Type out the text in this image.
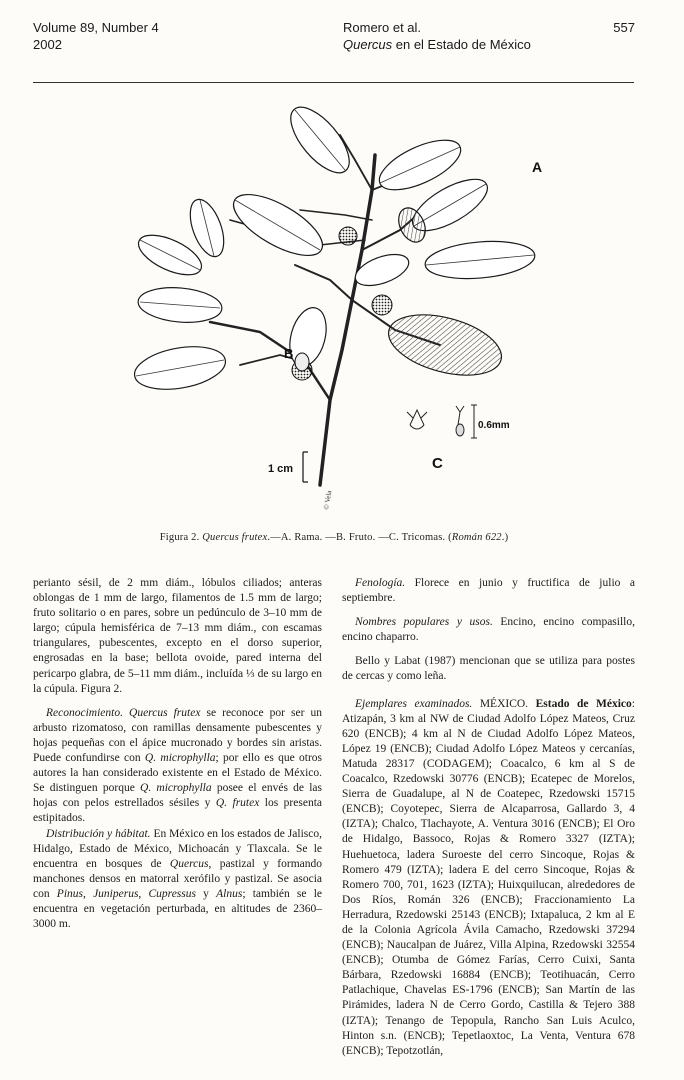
Volume 89, Number 4
2002
Romero et al.
Quercus en el Estado de México
557
A
B
C
1 cm
0.6mm
© Vela
Figura 2. Quercus frutex.—A. Rama. —B. Fruto. —C. Tricomas. (Román 622.)

periantо sésil, de 2 mm diám., lóbulos ciliados; anteras oblongas de 1 mm de largo, filamentos de 1.5 mm de largo; fruto solitario o en pares, sobre un pedúnculo de 3–10 mm de largo; cúpula hemisférica de 7–13 mm diám., con escamas triangulares, pubescentes, excepto en el dorso superior, engrosadas en la base; bellota ovoide, pared interna del pericarpo glabra, de 5–11 mm diám., incluída ⅓ de su largo en la cúpula. Figura 2.

Reconocimiento. Quercus frutex se reconoce por ser un arbusto rizomatoso, con ramillas densamente pubescentes y hojas pequeñas con el ápice mucronado y bordes sin aristas. Puede confundirse con Q. microphylla; por ello es que otros autores la han considerado existente en el Estado de México. Se distinguen porque Q. microphylla posee el envés de las hojas con pelos estrellados sésiles y Q. frutex los presenta estipitados.

Distribución y hábitat. En México en los estados de Jalisco, Hidalgo, Estado de México, Michoacán y Tlaxcala. Se le encuentra en bosques de Quercus, pastizal y formando manchones densos en matorral xerófilo y pastizal. Se asocia con Pinus, Juniperus, Cupressus y Alnus; también se le encuentra en vegetación perturbada, en altitudes de 2360–3000 m.

Fenología. Florece en junio y fructifica de julio a septiembre.

Nombres populares y usos. Encino, encino compasillo, encino chaparro.

Bello y Labat (1987) mencionan que se utiliza para postes de cercas y como leña.

Ejemplares examinados. MÉXICO. Estado de México: Atizapán, 3 km al NW de Ciudad Adolfo López Mateos, Cruz 620 (ENCB); 4 km al N de Ciudad Adolfo López Mateos, López 19 (ENCB); Ciudad Adolfo López Mateos y cercanías, Matuda 28317 (CODAGEM); Coacalco, 6 km al S de Coacalco, Rzedowski 30776 (ENCB); Ecatepec de Morelos, Sierra de Guadalupe, al N de Coatepec, Rzedowski 15715 (ENCB); Coyotepec, Sierra de Alcaparrosa, Gallardo 3, 4 (IZTA); Chalco, Tlachayote, A. Ventura 3016 (ENCB); El Oro de Hidalgo, Bassoco, Rojas & Romero 3327 (IZTA); Huehuetoca, ladera Suroeste del cerro Sincoque, Rojas & Romero 479 (IZTA); ladera E del cerro Sincoque, Rojas & Romero 700, 701, 1623 (IZTA); Huixquilucan, alrededores de Dos Ríos, Román 326 (ENCB); Fraccionamiento La Herradura, Rzedowski 25143 (ENCB); Ixtapaluca, 2 km al E de la Colonia Agrícola Ávila Camacho, Rzedowski 37294 (ENCB); Naucalpan de Juárez, Villa Alpina, Rzedowski 32554 (ENCB); Otumba de Gómez Farías, Cerro Cuixi, Santa Bárbara, Rzedowski 16884 (ENCB); Teotihuacán, Cerro Patlachique, Chavelas ES-1796 (ENCB); San Martín de las Pirámides, ladera N de Cerro Gordo, Castilla & Tejero 388 (IZTA); Tenango de Tepopula, Rancho San Luis Aculco, Hinton s.n. (ENCB); Tepetlaoxtoc, La Venta, Ventura 678 (ENCB); Tepotzotlán,
